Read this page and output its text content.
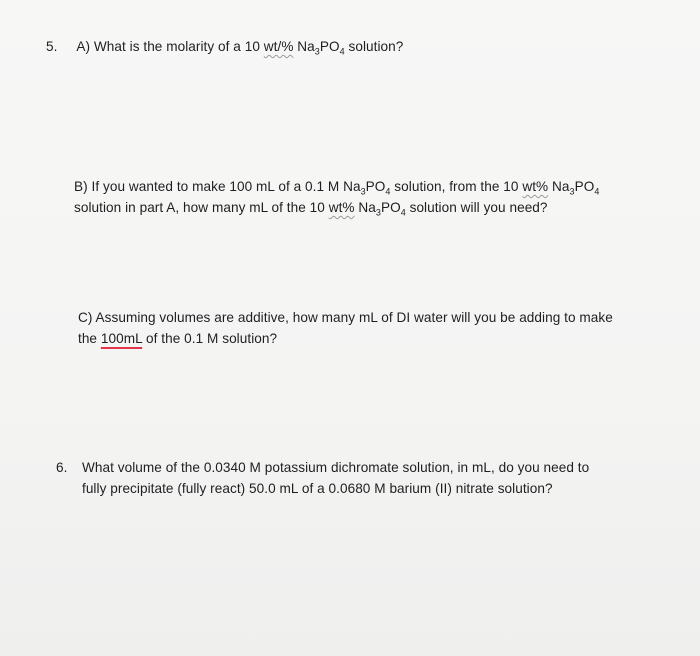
5. A) What is the molarity of a 10 wt/% $Na_3PO_4$ solution?
B) If you wanted to make 100 mL of a 0.1 M $Na_3PO_4$ solution, from the 10 wt% $Na_3PO_4$
solution in part A, how many mL of the 10 wt% $Na_3PO_4$ solution will you need?
C) Assuming volumes are additive, how many mL of DI water will you be adding to make
the 100mL of the 0.1 M solution?
6. What volume of the 0.0340 M potassium dichromate solution, in mL, do you need to
fully precipitate (fully react) 50.0 mL of a 0.0680 M barium (II) nitrate solution?
